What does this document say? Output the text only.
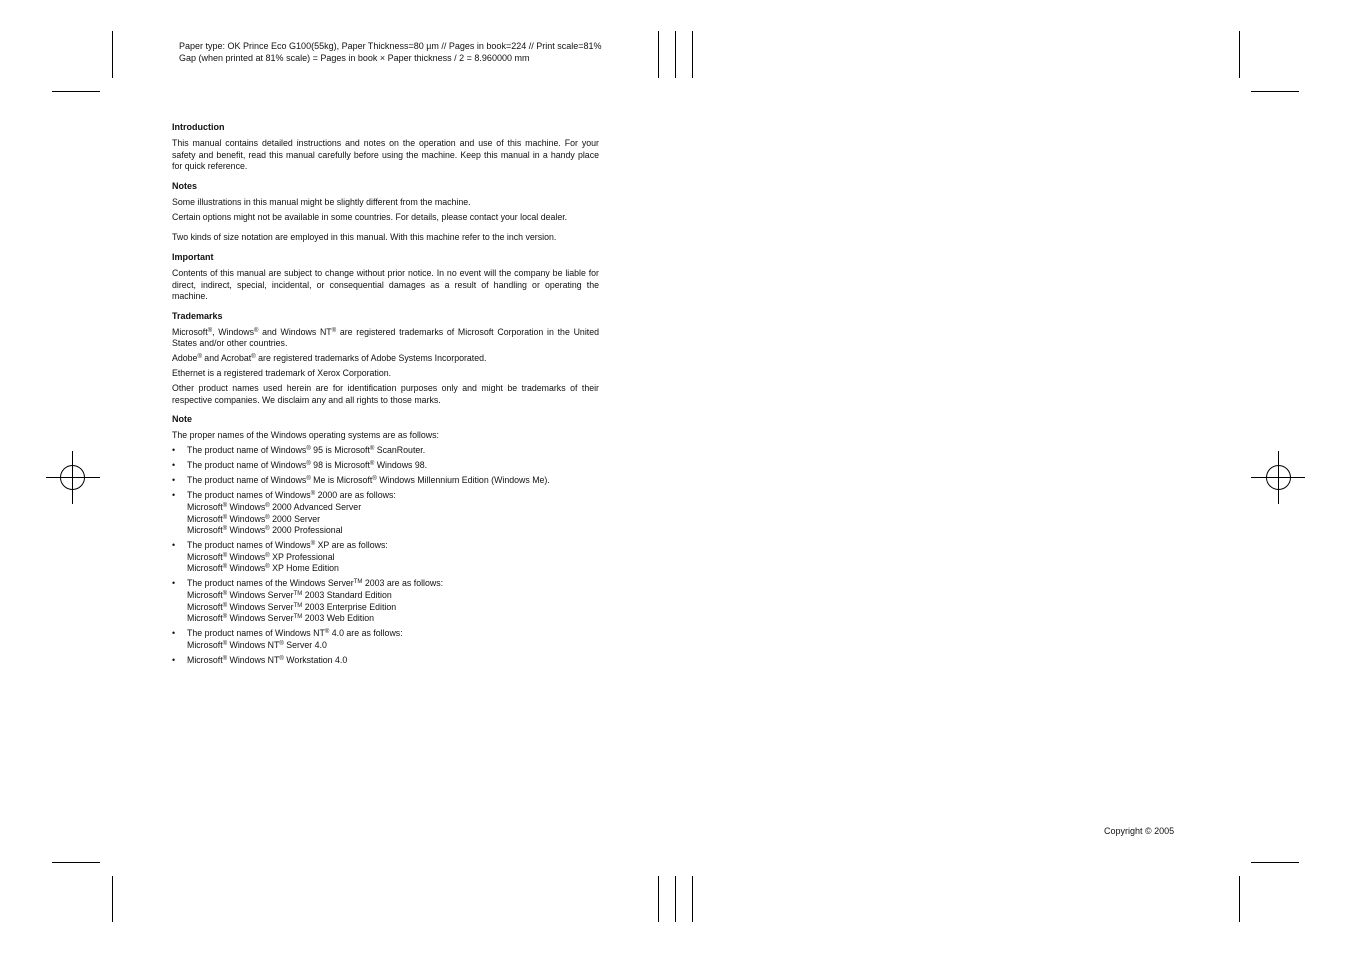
Paper type: OK Prince Eco G100(55kg), Paper Thickness=80 µm // Pages in book=224 // Print scale=81%
Gap (when printed at 81% scale) = Pages in book × Paper thickness / 2 = 8.960000 mm
Introduction

This manual contains detailed instructions and notes on the operation and use of this machine. For your safety and benefit, read this manual carefully before using the machine. Keep this manual in a handy place for quick reference.

Notes

Some illustrations in this manual might be slightly different from the machine.

Certain options might not be available in some countries. For details, please contact your local dealer.

Two kinds of size notation are employed in this manual. With this machine refer to the inch version.

Important

Contents of this manual are subject to change without prior notice. In no event will the company be liable for direct, indirect, special, incidental, or consequential damages as a result of handling or operating the machine.

Trademarks

Microsoft®, Windows® and Windows NT® are registered trademarks of Microsoft Corporation in the United States and/or other countries.

Adobe® and Acrobat® are registered trademarks of Adobe Systems Incorporated.

Ethernet is a registered trademark of Xerox Corporation.

Other product names used herein are for identification purposes only and might be trademarks of their respective companies. We disclaim any and all rights to those marks.

Note

The proper names of the Windows operating systems are as follows:

• The product name of Windows® 95 is Microsoft® ScanRouter.
• The product name of Windows® 98 is Microsoft® Windows 98.
• The product name of Windows® Me is Microsoft® Windows Millennium Edition (Windows Me).
• The product names of Windows® 2000 are as follows:
Microsoft® Windows® 2000 Advanced Server
Microsoft® Windows® 2000 Server
Microsoft® Windows® 2000 Professional
• The product names of Windows® XP are as follows:
Microsoft® Windows® XP Professional
Microsoft® Windows® XP Home Edition
• The product names of the Windows Server™ 2003 are as follows:
Microsoft® Windows Server™ 2003 Standard Edition
Microsoft® Windows Server™ 2003 Enterprise Edition
Microsoft® Windows Server™ 2003 Web Edition
• The product names of Windows NT® 4.0 are as follows:
Microsoft® Windows NT® Server 4.0
• Microsoft® Windows NT® Workstation 4.0
Copyright © 2005
